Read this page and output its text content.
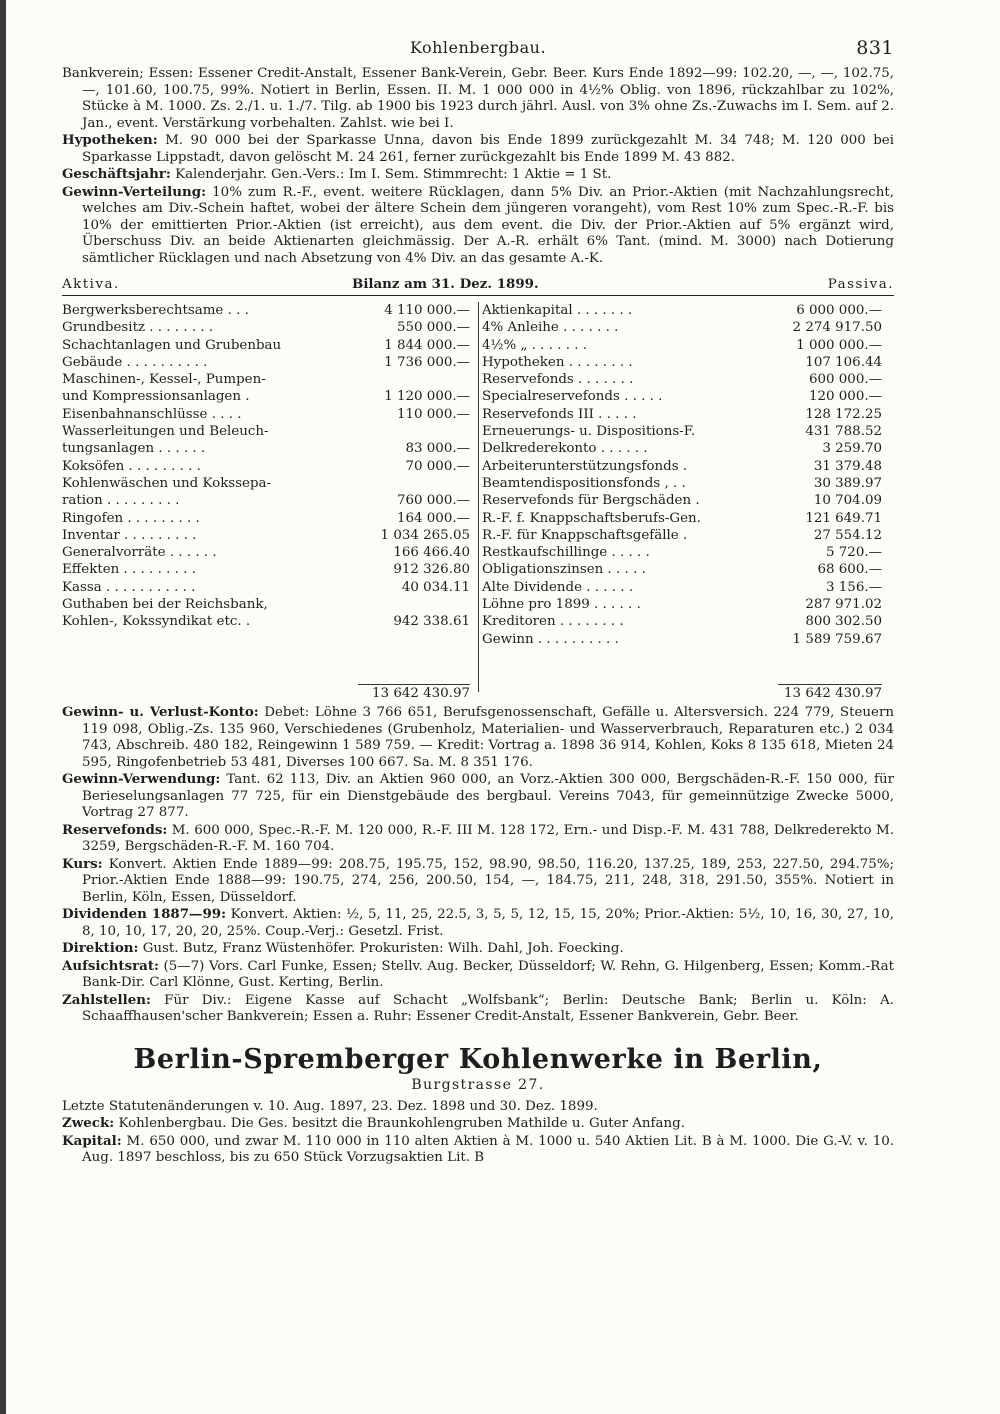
Kohlenbergbau.	831

Bankverein; Essen: Essener Credit-Anstalt, Essener Bank-Verein, Gebr. Beer. Kurs Ende 1892—99: 102.20, —, —, 102.75, —, 101.60, 100.75, 99%. Notiert in Berlin, Essen. II. M. 1 000 000 in 4½% Oblig. von 1896, rückzahlbar zu 102%, Stücke à M. 1000. Zs. 2./1. u. 1./7. Tilg. ab 1900 bis 1923 durch jährl. Ausl. von 3% ohne Zs.-Zuwachs im I. Sem. auf 2. Jan., event. Verstärkung vorbehalten. Zahlst. wie bei I.

Hypotheken: M. 90 000 bei der Sparkasse Unna, davon bis Ende 1899 zurückgezahlt M. 34 748; M. 120 000 bei Sparkasse Lippstadt, davon gelöscht M. 24 261, ferner zurückgezahlt bis Ende 1899 M. 43 882.

Geschäftsjahr: Kalenderjahr. Gen.-Vers.: Im I. Sem. Stimmrecht: 1 Aktie = 1 St.

Gewinn-Verteilung: 10% zum R.-F., event. weitere Rücklagen, dann 5% Div. an Prior.-Aktien (mit Nachzahlungsrecht, welches am Div.-Schein haftet, wobei der ältere Schein dem jüngeren vorangeht), vom Rest 10% zum Spec.-R.-F. bis 10% der emittierten Prior.-Aktien (ist erreicht), aus dem event. die Div. der Prior.-Aktien auf 5% ergänzt wird, Überschuss Div. an beide Aktienarten gleichmässig. Der A.-R. erhält 6% Tant. (mind. M. 3000) nach Dotierung sämtlicher Rücklagen und nach Absetzung von 4% Div. an das gesamte A.-K.

Aktiva.	Bilanz am 31. Dez. 1899.	Passiva.
Bergwerksberechtsame . . .	4 110 000.—
Grundbesitz . . . . . . . .	550 000.—
Schachtanlagen und Grubenbau	1 844 000.—
Gebäude . . . . . . . . . .	1 736 000.—
Maschinen-, Kessel-, Pumpen-
und Kompressionsanlagen .	1 120 000.—
Eisenbahnanschlüsse . . . .	110 000.—
Wasserleitungen und Beleuch-
tungsanlagen . . . . . .	83 000.—
Koksöfen . . . . . . . . .	70 000.—
Kohlenwäschen und Kokssepa-
ration . . . . . . . . .	760 000.—
Ringofen . . . . . . . . .	164 000.—
Inventar . . . . . . . . .	1 034 265.05
Generalvorräte . . . . . .	166 466.40
Effekten . . . . . . . . .	912 326.80
Kassa . . . . . . . . . . .	40 034.11
Guthaben bei der Reichsbank,
Kohlen-, Kokssyndikat etc. .	942 338.61
Aktienkapital . . . . . . .	6 000 000.—
4% Anleihe . . . . . . .	2 274 917.50
4½% „ . . . . . . .	1 000 000.—
Hypotheken . . . . . . . .	107 106.44
Reservefonds . . . . . . .	600 000.—
Specialreservefonds . . . . .	120 000.—
Reservefonds III . . . . .	128 172.25
Erneuerungs- u. Dispositions-F.	431 788.52
Delkrederekonto . . . . . .	3 259.70
Arbeiterunterstützungsfonds .	31 379.48
Beamtendispositionsfonds , . .	30 389.97
Reservefonds für Bergschäden .	10 704.09
R.-F. f. Knappschaftsberufs-Gen.	121 649.71
R.-F. für Knappschaftsgefälle .	27 554.12
Restkaufschillinge . . . . .	5 720.—
Obligationszinsen . . . . .	68 600.—
Alte Dividende . . . . . .	3 156.—
Löhne pro 1899 . . . . . .	287 971.02
Kreditoren . . . . . . . .	800 302.50
Gewinn . . . . . . . . . .	1 589 759.67
13 642 430.97	13 642 430.97

Gewinn- u. Verlust-Konto: Debet: Löhne 3 766 651, Berufsgenossenschaft, Gefälle u. Altersversich. 224 779, Steuern 119 098, Oblig.-Zs. 135 960, Verschiedenes (Grubenholz, Materialien- und Wasserverbrauch, Reparaturen etc.) 2 034 743, Abschreib. 480 182, Reingewinn 1 589 759. — Kredit: Vortrag a. 1898 36 914, Kohlen, Koks 8 135 618, Mieten 24 595, Ringofenbetrieb 53 481, Diverses 100 667. Sa. M. 8 351 176.

Gewinn-Verwendung: Tant. 62 113, Div. an Aktien 960 000, an Vorz.-Aktien 300 000, Bergschäden-R.-F. 150 000, für Berieselungsanlagen 77 725, für ein Dienstgebäude des bergbaul. Vereins 7043, für gemeinnützige Zwecke 5000, Vortrag 27 877.

Reservefonds: M. 600 000, Spec.-R.-F. M. 120 000, R.-F. III M. 128 172, Ern.- und Disp.-F. M. 431 788, Delkrederekto M. 3259, Bergschäden-R.-F. M. 160 704.

Kurs: Konvert. Aktien Ende 1889—99: 208.75, 195.75, 152, 98.90, 98.50, 116.20, 137.25, 189, 253, 227.50, 294.75%; Prior.-Aktien Ende 1888—99: 190.75, 274, 256, 200.50, 154, —, 184.75, 211, 248, 318, 291.50, 355%. Notiert in Berlin, Köln, Essen, Düsseldorf.

Dividenden 1887—99: Konvert. Aktien: ½, 5, 11, 25, 22.5, 3, 5, 5, 12, 15, 15, 20%; Prior.-Aktien: 5½, 10, 16, 30, 27, 10, 8, 10, 10, 17, 20, 20, 25%. Coup.-Verj.: Gesetzl. Frist.

Direktion: Gust. Butz, Franz Wüstenhöfer. Prokuristen: Wilh. Dahl, Joh. Foecking.

Aufsichtsrat: (5—7) Vors. Carl Funke, Essen; Stellv. Aug. Becker, Düsseldorf; W. Rehn, G. Hilgenberg, Essen; Komm.-Rat Bank-Dir. Carl Klönne, Gust. Kerting, Berlin.

Zahlstellen: Für Div.: Eigene Kasse auf Schacht „Wolfsbank“; Berlin: Deutsche Bank; Berlin u. Köln: A. Schaaffhausen'scher Bankverein; Essen a. Ruhr: Essener Credit-Anstalt, Essener Bankverein, Gebr. Beer.

Berlin-Spremberger Kohlenwerke in Berlin,
Burgstrasse 27.

Letzte Statutenänderungen v. 10. Aug. 1897, 23. Dez. 1898 und 30. Dez. 1899.

Zweck: Kohlenbergbau. Die Ges. besitzt die Braunkohlengruben Mathilde u. Guter Anfang.

Kapital: M. 650 000, und zwar M. 110 000 in 110 alten Aktien à M. 1000 u. 540 Aktien Lit. B à M. 1000. Die G.-V. v. 10. Aug. 1897 beschloss, bis zu 650 Stück Vorzugsaktien Lit. B
